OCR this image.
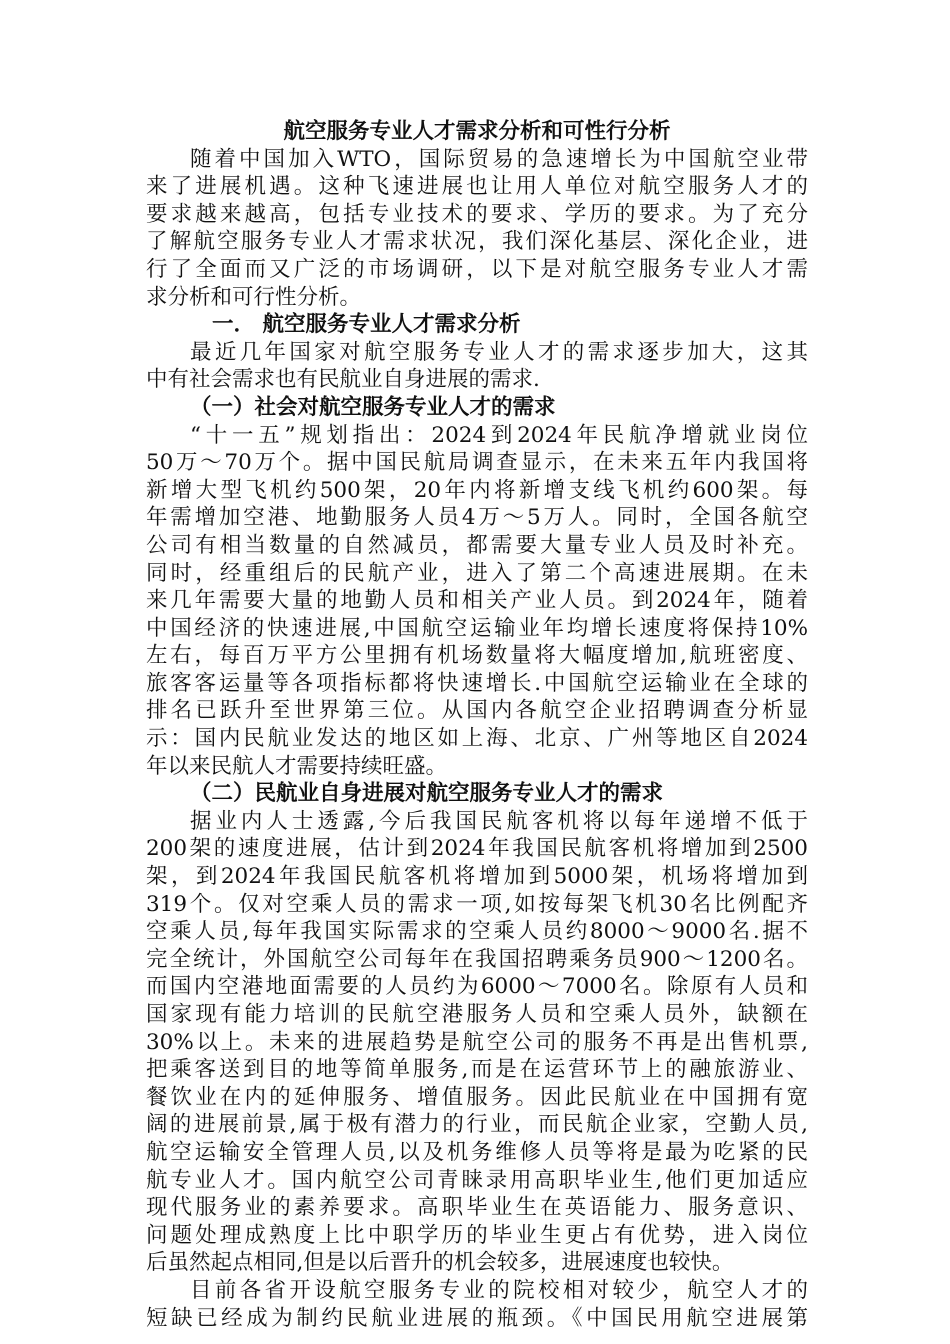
航空服务专业人才需求分析和可性行分析
随着中国加入WTO，国际贸易的急速增长为中国航空业带
来了进展机遇。这种飞速进展也让用人单位对航空服务人才的
要求越来越高，包括专业技术的要求、学历的要求。为了充分
了解航空服务专业人才需求状况，我们深化基层、深化企业，进
行了全面而又广泛的市场调研，以下是对航空服务专业人才需
求分析和可行性分析。
一． 航空服务专业人才需求分析
最近几年国家对航空服务专业人才的需求逐步加大，这其
中有社会需求也有民航业自身进展的需求.
（一）社会对航空服务专业人才的需求
“十一五”规划指出：2024到2024年民航净增就业岗位
50万～70万个。据中国民航局调查显示，在未来五年内我国将
新增大型飞机约500架，20年内将新增支线飞机约600架。每
年需增加空港、地勤服务人员4万～5万人。同时，全国各航空
公司有相当数量的自然减员，都需要大量专业人员及时补充。
同时，经重组后的民航产业，进入了第二个高速进展期。在未
来几年需要大量的地勤人员和相关产业人员。到2024年，随着
中国经济的快速进展,中国航空运输业年均增长速度将保持10%
左右，每百万平方公里拥有机场数量将大幅度增加,航班密度、
旅客客运量等各项指标都将快速增长.中国航空运输业在全球的
排名已跃升至世界第三位。从国内各航空企业招聘调查分析显
示：国内民航业发达的地区如上海、北京、广州等地区自2024
年以来民航人才需要持续旺盛。
（二）民航业自身进展对航空服务专业人才的需求
据业内人士透露,今后我国民航客机将以每年递增不低于
200架的速度进展，估计到2024年我国民航客机将增加到2500
架，到2024年我国民航客机将增加到5000架，机场将增加到
319个。仅对空乘人员的需求一项,如按每架飞机30名比例配齐
空乘人员,每年我国实际需求的空乘人员约8000～9000名.据不
完全统计，外国航空公司每年在我国招聘乘务员900～1200名。
而国内空港地面需要的人员约为6000～7000名。除原有人员和
国家现有能力培训的民航空港服务人员和空乘人员外，缺额在
30%以上。未来的进展趋势是航空公司的服务不再是出售机票,
把乘客送到目的地等简单服务,而是在运营环节上的融旅游业、
餐饮业在内的延伸服务、增值服务。因此民航业在中国拥有宽
阔的进展前景,属于极有潜力的行业，而民航企业家，空勤人员,
航空运输安全管理人员,以及机务维修人员等将是最为吃紧的民
航专业人才。国内航空公司青睐录用高职毕业生,他们更加适应
现代服务业的素养要求。高职毕业生在英语能力、服务意识、
问题处理成熟度上比中职学历的毕业生更占有优势，进入岗位
后虽然起点相同,但是以后晋升的机会较多，进展速度也较快。
目前各省开设航空服务专业的院校相对较少，航空人才的
短缺已经成为制约民航业进展的瓶颈。《中国民用航空进展第
